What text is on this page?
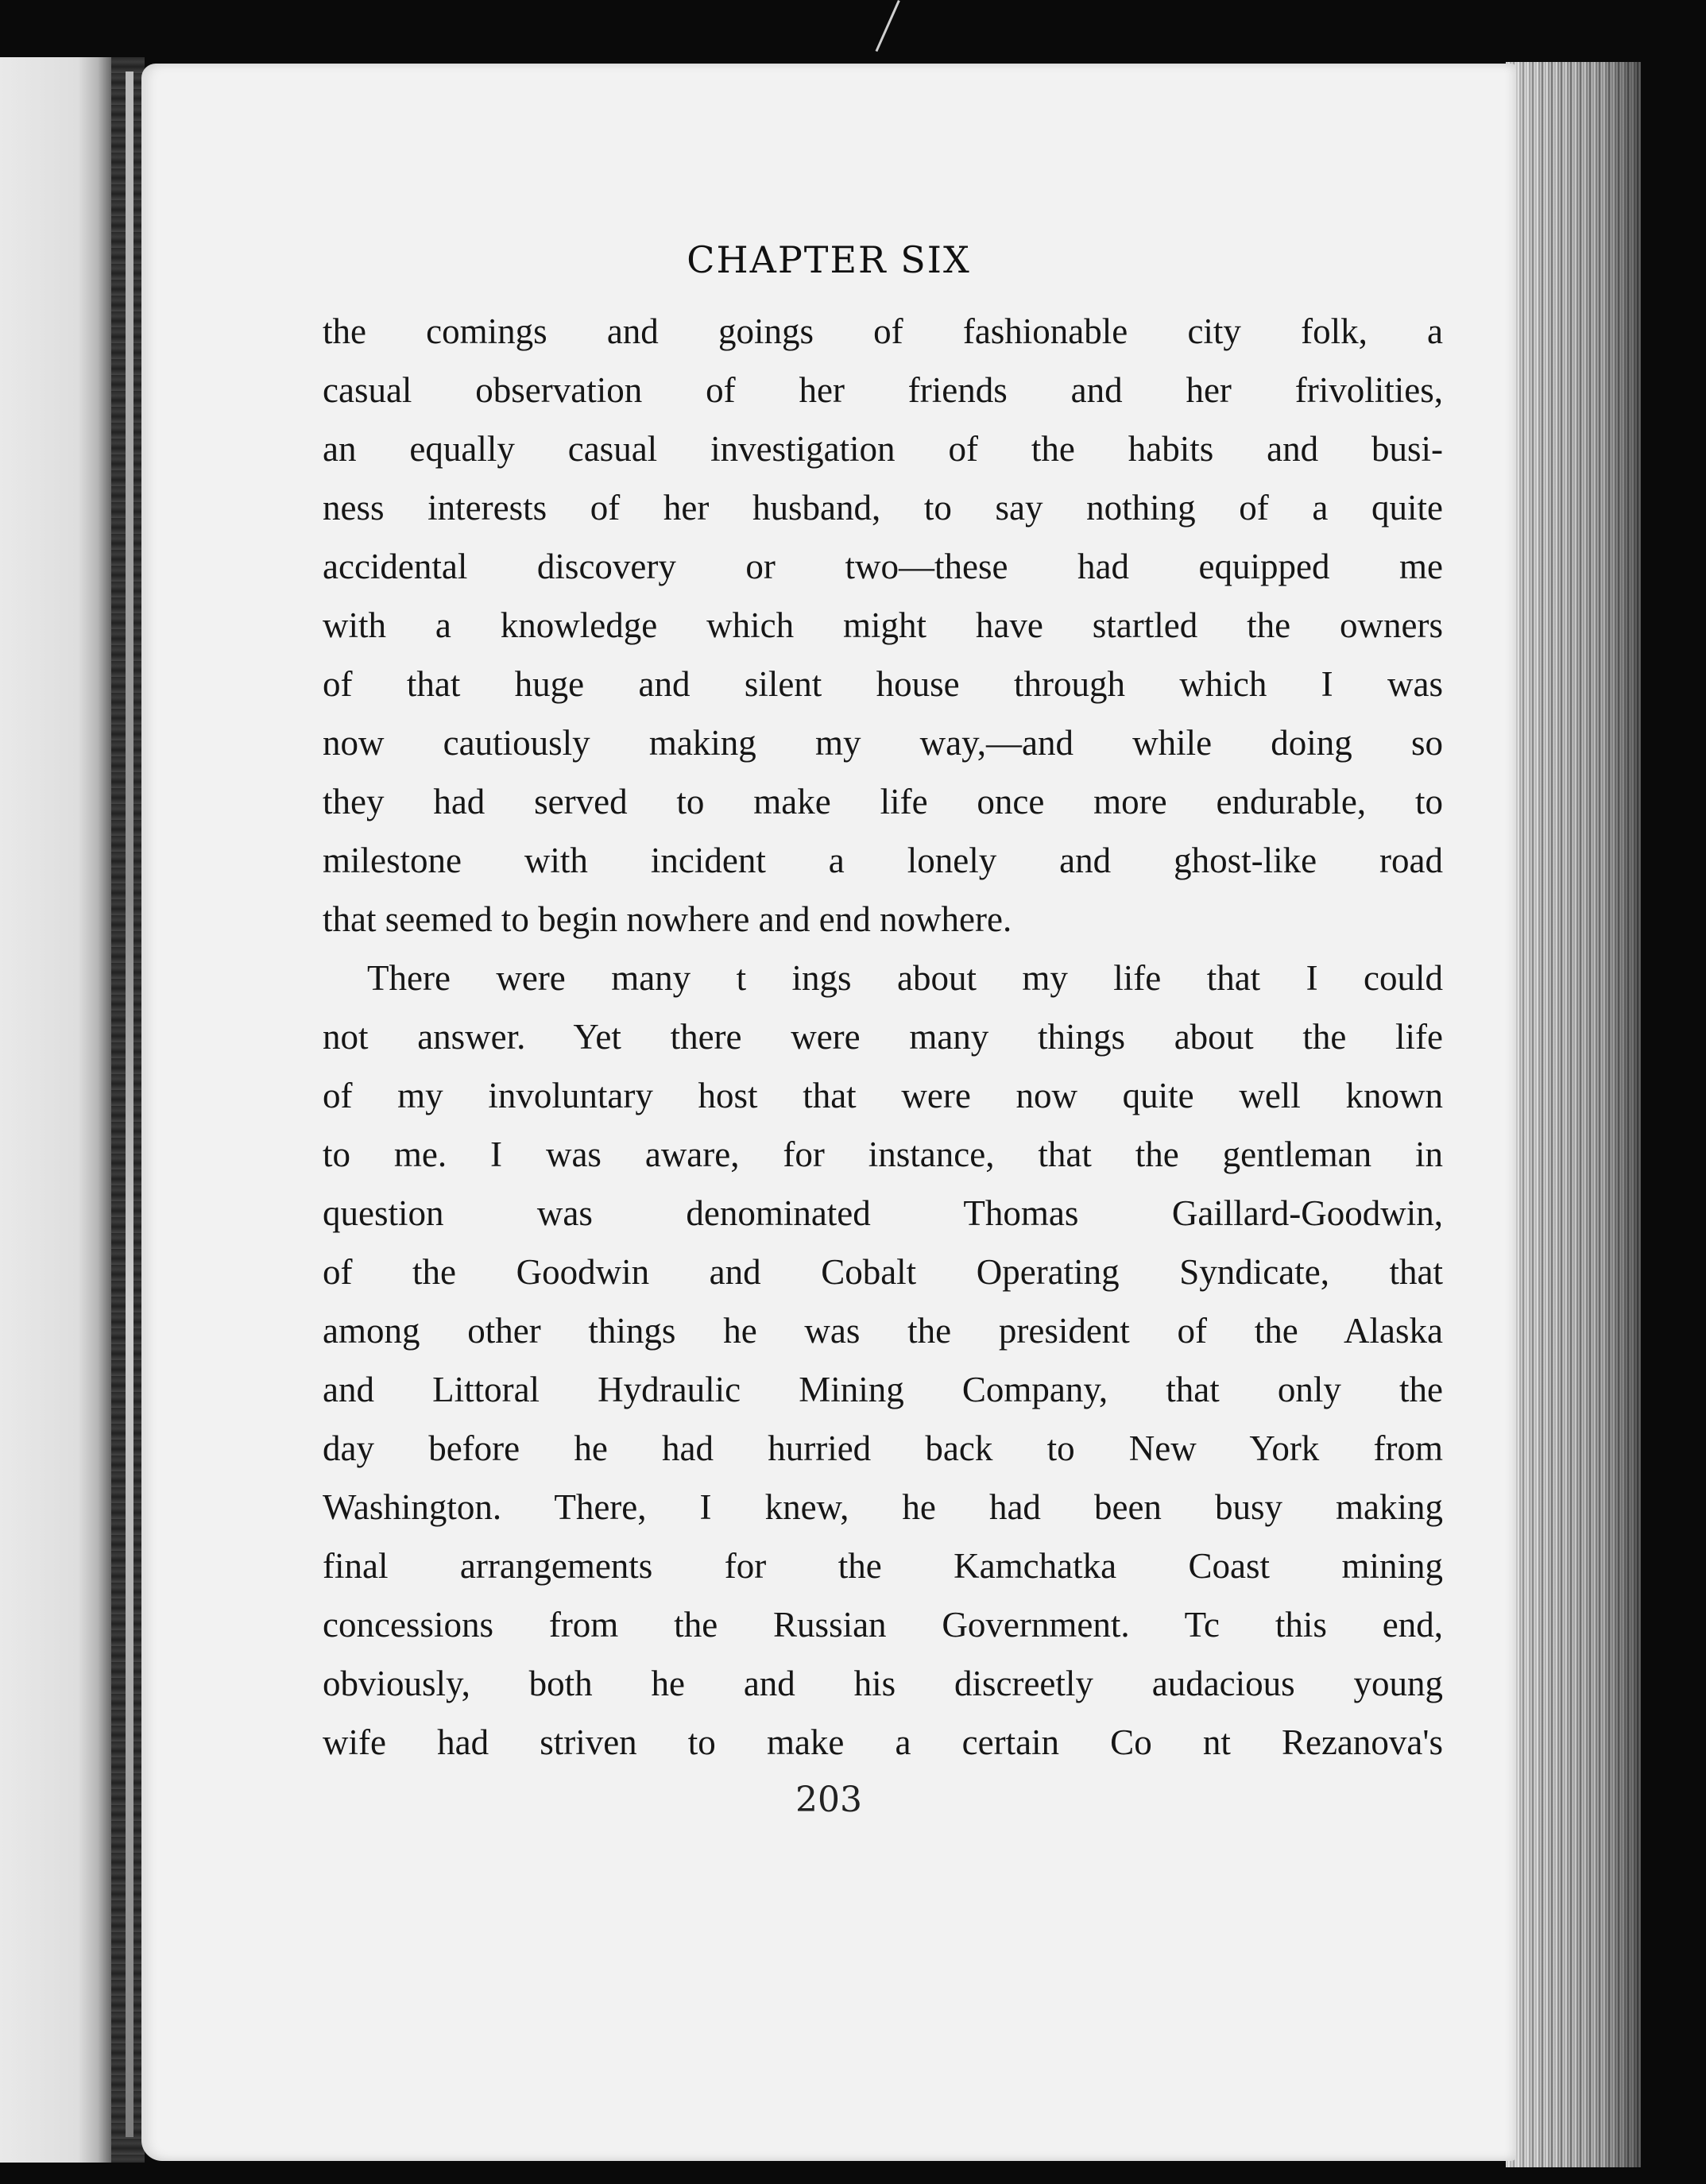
CHAPTER SIX
the comings and goings of fashionable city folk, a
casual observation of her friends and her frivolities,
an equally casual investigation of the habits and busi-
ness interests of her husband, to say nothing of a quite
accidental discovery or two—these had equipped me
with a knowledge which might have startled the owners
of that huge and silent house through which I was
now cautiously making my way,—and while doing so
they had served to make life once more endurable, to
milestone with incident a lonely and ghost-like road
that seemed to begin nowhere and end nowhere.
There were many t ings about my life that I could
not answer. Yet there were many things about the life
of my involuntary host that were now quite well known
to me. I was aware, for instance, that the gentleman in
question was denominated Thomas Gaillard-Goodwin,
of the Goodwin and Cobalt Operating Syndicate, that
among other things he was the president of the Alaska
and Littoral Hydraulic Mining Company, that only the
day before he had hurried back to New York from
Washington. There, I knew, he had been busy making
final arrangements for the Kamchatka Coast mining
concessions from the Russian Government. Tc this end,
obviously, both he and his discreetly audacious young
wife had striven to make a certain Co nt Rezanova's
203
